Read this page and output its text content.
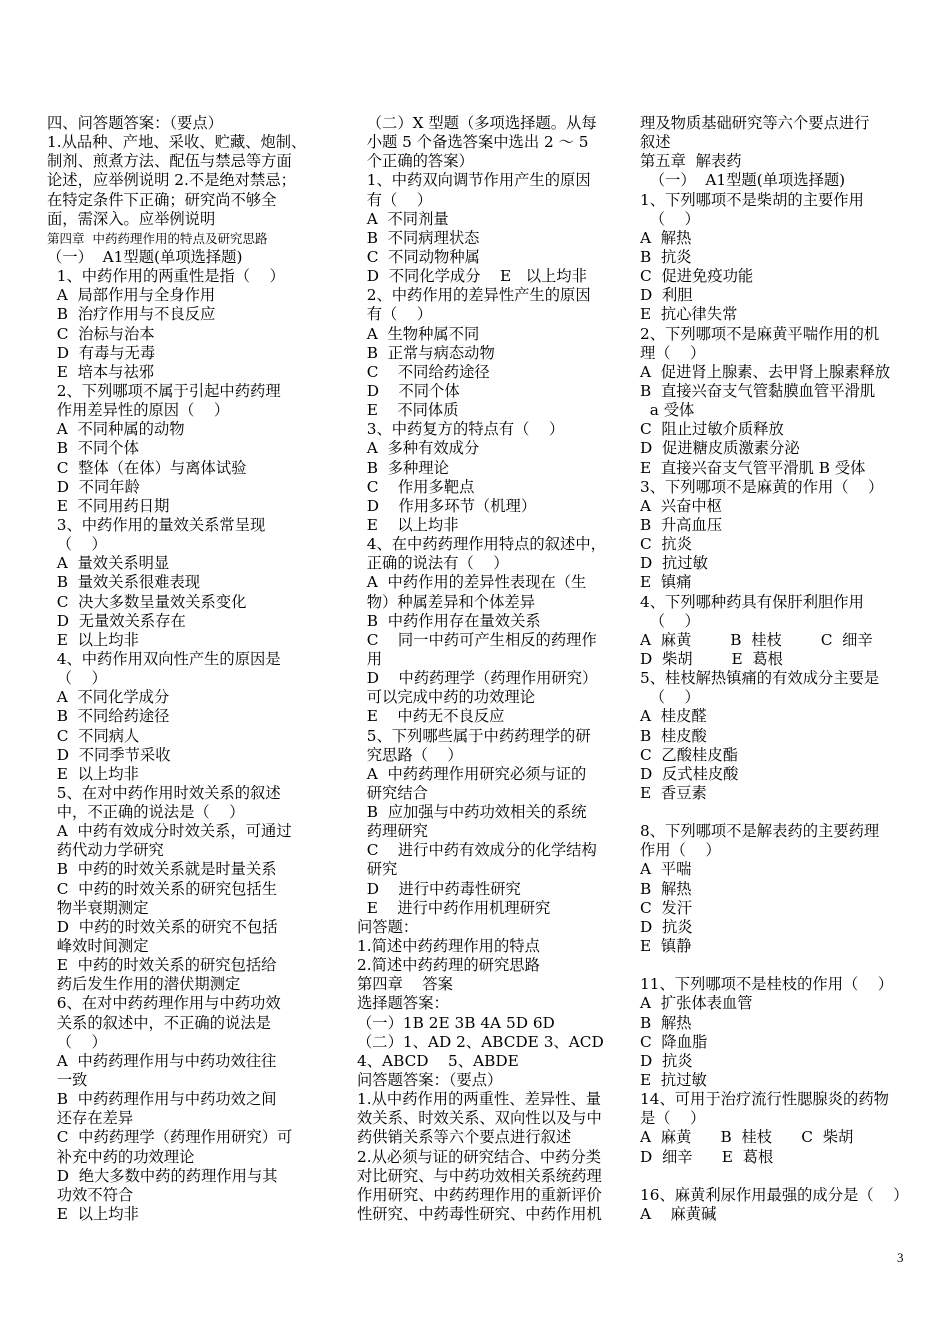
四、问答题答案：（要点）
1.从品种、产地、采收、贮藏、炮制、
制剂、煎煮方法、配伍与禁忌等方面
论述，应举例说明 2.不是绝对禁忌；
在特定条件下正确；研究尚不够全
面，需深入。应举例说明
第四章  中药药理作用的特点及研究思路
（一）  A1型题(单项选择题)
1、中药作用的两重性是指（    ）
A  局部作用与全身作用
B  治疗作用与不良反应
C  治标与治本
D  有毒与无毒
E  培本与祛邪
2、下列哪项不属于引起中药药理
作用差异性的原因（    ）
A  不同种属的动物
B  不同个体
C  整体（在体）与离体试验
D  不同年龄
E  不同用药日期
3、中药作用的量效关系常呈现
（    ）
A  量效关系明显
B  量效关系很难表现
C  决大多数呈量效关系变化
D  无量效关系存在
E  以上均非
4、中药作用双向性产生的原因是
（    ）
A  不同化学成分
B  不同给药途径
C  不同病人
D  不同季节采收
E  以上均非
5、在对中药作用时效关系的叙述
中，不正确的说法是（    ）
A  中药有效成分时效关系，可通过
药代动力学研究
B  中药的时效关系就是时量关系
C  中药的时效关系的研究包括生
物半衰期测定
D  中药的时效关系的研究不包括
峰效时间测定
E  中药的时效关系的研究包括给
药后发生作用的潜伏期测定
6、在对中药药理作用与中药功效
关系的叙述中，不正确的说法是
（    ）
A  中药药理作用与中药功效往往
一致
B  中药药理作用与中药功效之间
还存在差异
C  中药药理学（药理作用研究）可
补充中药的功效理论
D  绝大多数中药的药理作用与其
功效不符合
E  以上均非
（二）X 型题（多项选择题。从每
小题 5 个备选答案中选出 2 ～ 5
个正确的答案）
1、中药双向调节作用产生的原因
有（    ）
A  不同剂量
B  不同病理状态
C  不同动物种属
D  不同化学成分    E   以上均非
2、中药作用的差异性产生的原因
有（    ）
A  生物种属不同
B  正常与病态动物
C    不同给药途径
D    不同个体
E    不同体质
3、中药复方的特点有（    ）
A  多种有效成分
B  多种理论
C    作用多靶点
D    作用多环节（机理）
E    以上均非
4、在中药药理作用特点的叙述中，
正确的说法有（    ）
A  中药作用的差异性表现在（生
物）种属差异和个体差异
B  中药作用存在量效关系
C    同一中药可产生相反的药理作
用
D    中药药理学（药理作用研究）
可以完成中药的功效理论
E    中药无不良反应
5、下列哪些属于中药药理学的研
究思路（    ）
A  中药药理作用研究必须与证的
研究结合
B  应加强与中药功效相关的系统
药理研究
C    进行中药有效成分的化学结构
研究
D    进行中药毒性研究
E    进行中药作用机理研究
问答题：
1.简述中药药理作用的特点
2.简述中药药理的研究思路
第四章    答案
选择题答案：
（一）1B 2E 3B 4A 5D 6D
（二）1、AD 2、ABCDE 3、ACD
4、ABCD    5、ABDE
问答题答案：（要点）
1.从中药作用的两重性、差异性、量
效关系、时效关系、双向性以及与中
药供销关系等六个要点进行叙述
2.从必须与证的研究结合、中药分类
对比研究、与中药功效相关系统药理
作用研究、中药药理作用的重新评价
性研究、中药毒性研究、中药作用机
理及物质基础研究等六个要点进行
叙述
第五章  解表药
（一）  A1型题(单项选择题)
1、下列哪项不是柴胡的主要作用
（    ）
A  解热
B  抗炎
C  促进免疫功能
D  利胆
E  抗心律失常
2、下列哪项不是麻黄平喘作用的机
理（    ）
A  促进肾上腺素、去甲肾上腺素释放
B  直接兴奋支气管黏膜血管平滑肌
a 受体
C  阻止过敏介质释放
D  促进糖皮质激素分泌
E  直接兴奋支气管平滑肌 B 受体
3、下列哪项不是麻黄的作用（    ）
A  兴奋中枢
B  升高血压
C  抗炎
D  抗过敏
E  镇痛
4、下列哪种药具有保肝利胆作用
（    ）
A  麻黄        B  桂枝        C  细辛
D  柴胡        E  葛根
5、桂枝解热镇痛的有效成分主要是
（    ）
A  桂皮醛
B  桂皮酸
C  乙酸桂皮酯
D  反式桂皮酸
E  香豆素
8、下列哪项不是解表药的主要药理
作用（    ）
A  平喘
B  解热
C  发汗
D  抗炎
E  镇静
11、下列哪项不是桂枝的作用（    ）
A  扩张体表血管
B  解热
C  降血脂
D  抗炎
E  抗过敏
14、可用于治疗流行性腮腺炎的药物
是（    ）
A  麻黄      B  桂枝      C  柴胡
D  细辛      E  葛根
16、麻黄利尿作用最强的成分是（    ）
A    麻黄碱
3
